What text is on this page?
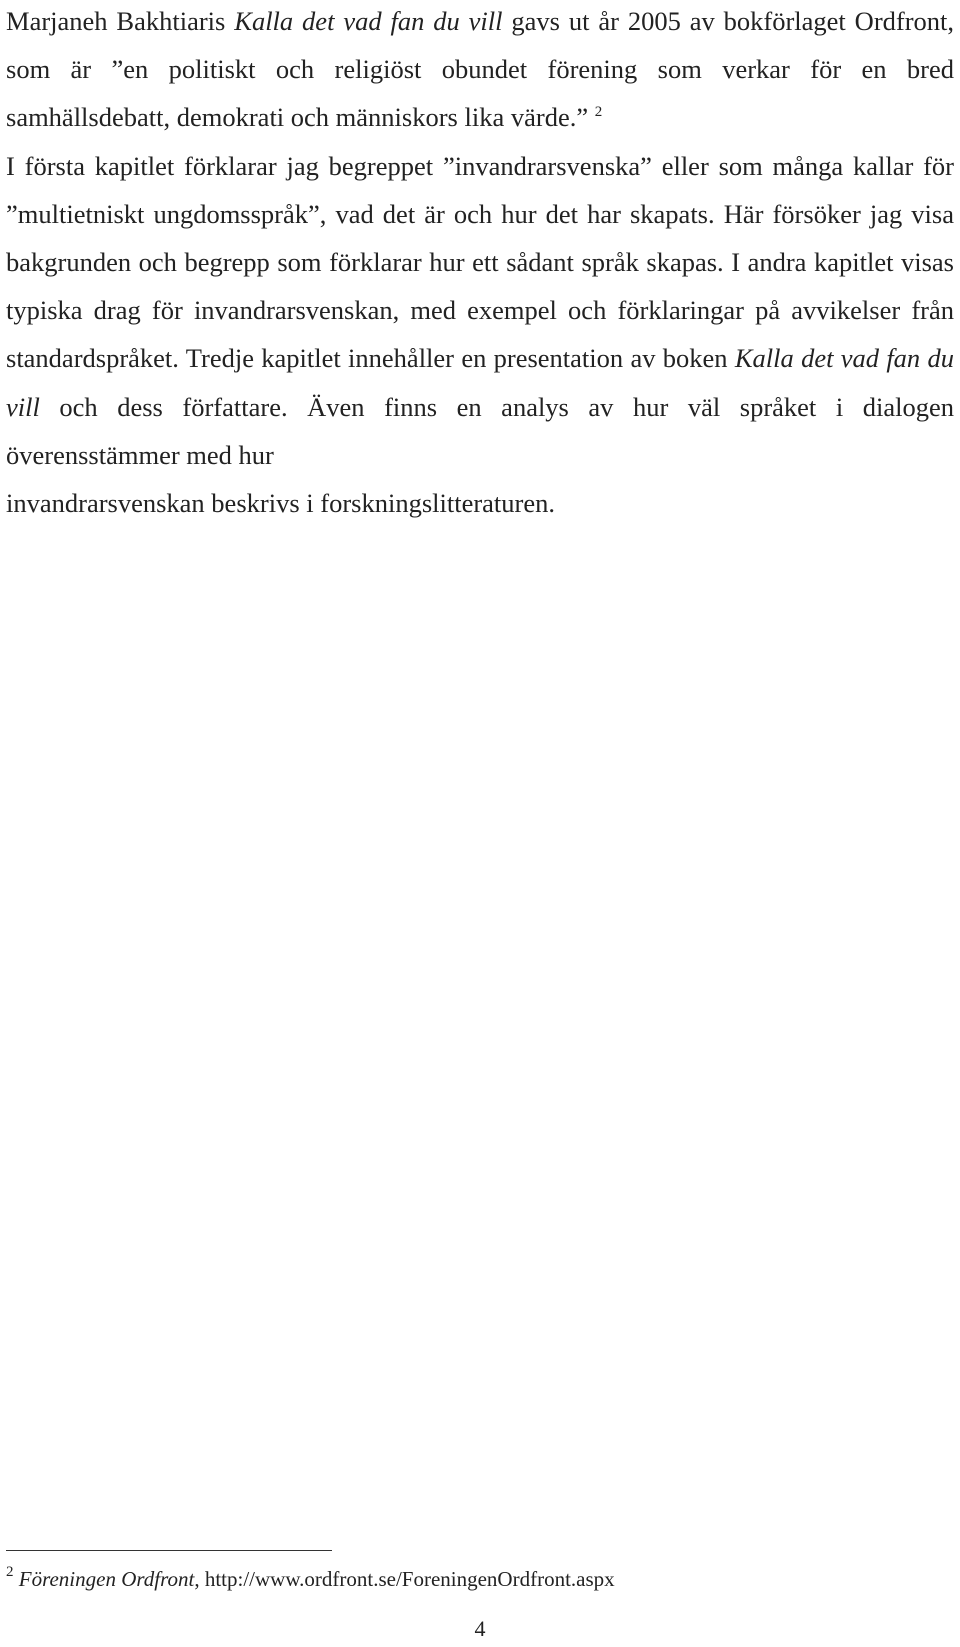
Marjaneh Bakhtiaris Kalla det vad fan du vill gavs ut år 2005 av bokförlaget Ordfront, som är ”en politiskt och religiöst obundet förening som verkar för en bred samhällsdebatt, demokrati och människors lika värde.” $^2$

I första kapitlet förklarar jag begreppet ”invandrarsvenska” eller som många kallar för ”multietniskt ungdomsspråk”, vad det är och hur det har skapats. Här försöker jag visa bakgrunden och begrepp som förklarar hur ett sådant språk skapas. I andra kapitlet visas typiska drag för invandrarsvenskan, med exempel och förklaringar på avvikelser från standardspråket. Tredje kapitlet innehåller en presentation av boken Kalla det vad fan du vill och dess författare. Även finns en analys av hur väl språket i dialogen överensstämmer med hur

invandrarsvenskan beskrivs i forskningslitteraturen.

$^2$ Föreningen Ordfront, http://www.ordfront.se/ForeningenOrdfront.aspx

4
